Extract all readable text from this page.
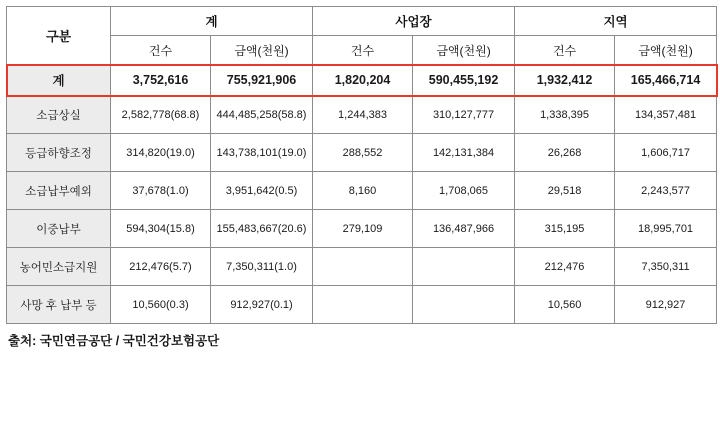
구분	계		사업장		지역	
	건수	금액(천원)	건수	금액(천원)	건수	금액(천원)
계	3,752,616	755,921,906	1,820,204	590,455,192	1,932,412	165,466,714
소급상실	2,582,778(68.8)	444,485,258(58.8)	1,244,383	310,127,777	1,338,395	134,357,481
등급하향조정	314,820(19.0)	143,738,101(19.0)	288,552	142,131,384	26,268	1,606,717
소급납부예외	37,678(1.0)	3,951,642(0.5)	8,160	1,708,065	29,518	2,243,577
이중납부	594,304(15.8)	155,483,667(20.6)	279,109	136,487,966	315,195	18,995,701
농어민소급지원	212,476(5.7)	7,350,311(1.0)			212,476	7,350,311
사망 후 납부 등	10,560(0.3)	912,927(0.1)			10,560	912,927
출처: 국민연금공단 / 국민건강보험공단
